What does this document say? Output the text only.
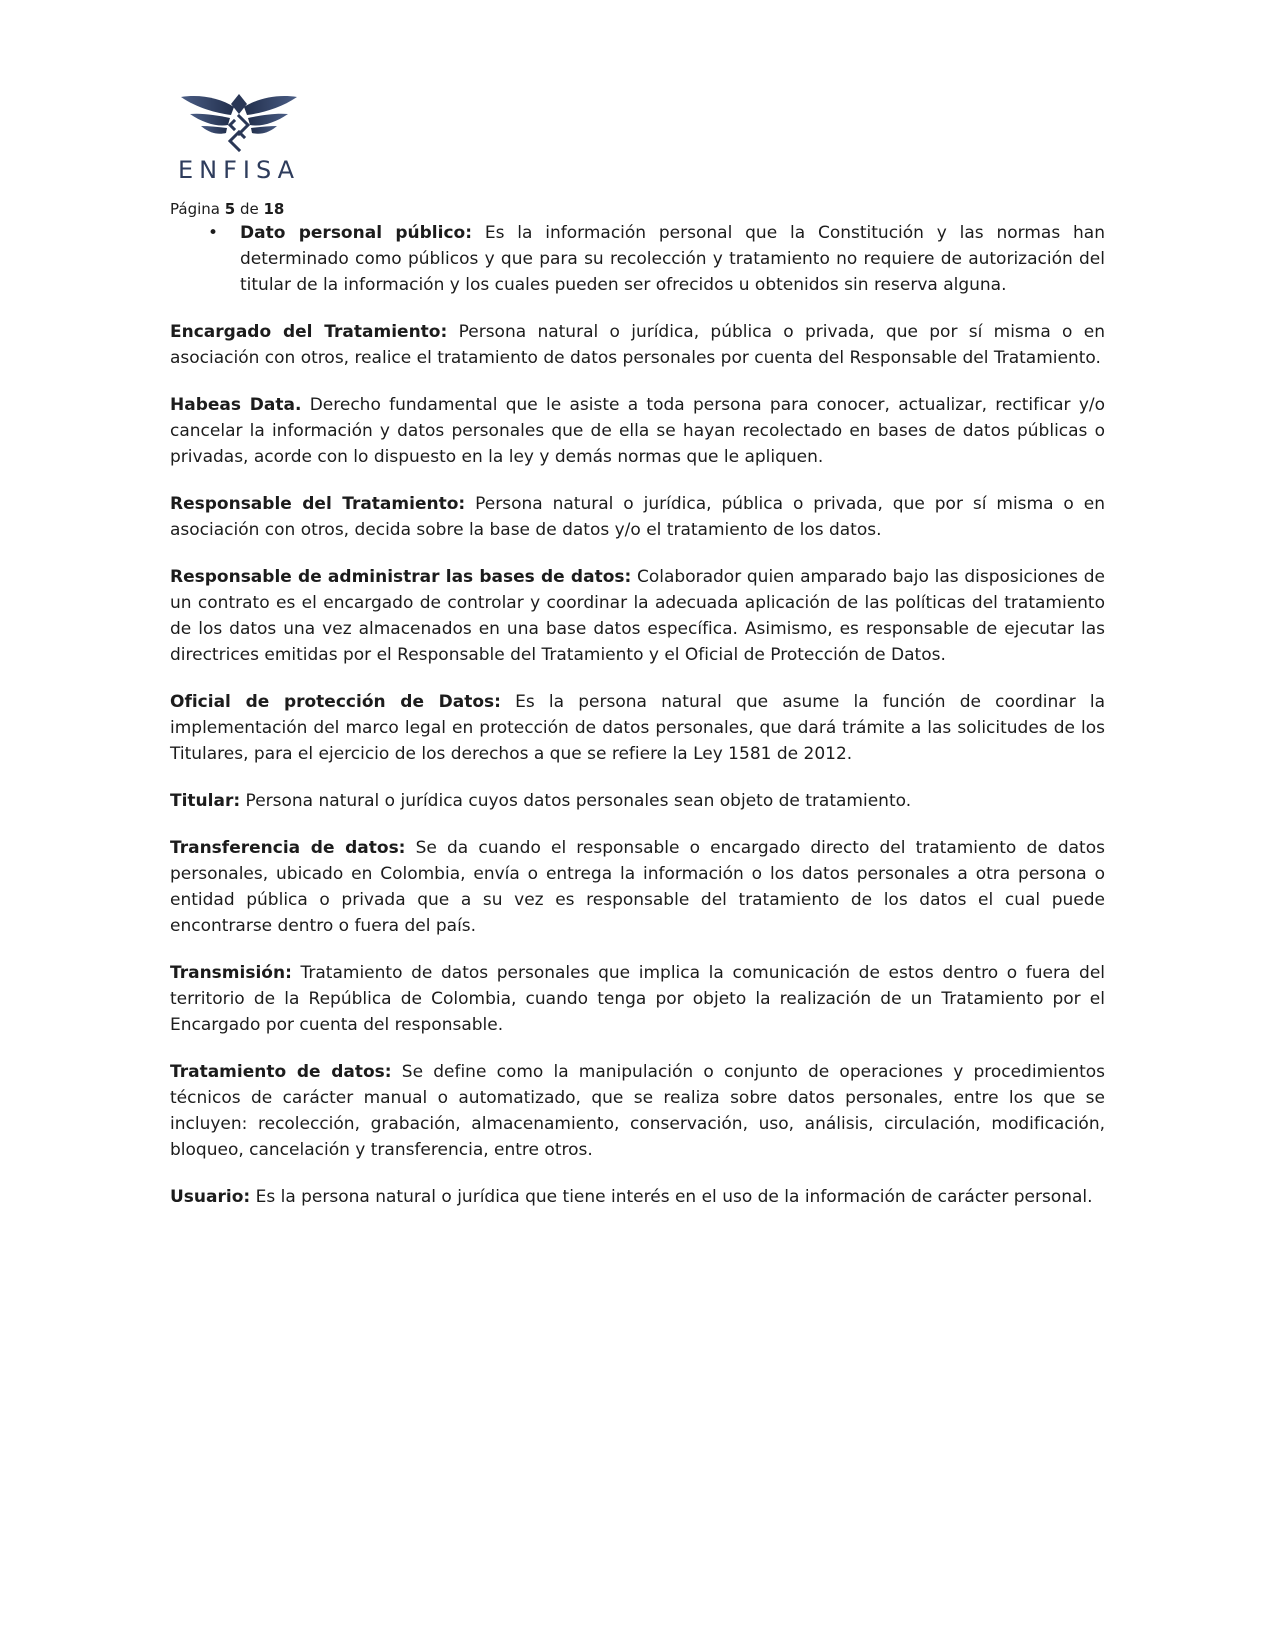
ENFISA
Página 5 de 18
• Dato personal público: Es la información personal que la Constitución y las normas han determinado como públicos y que para su recolección y tratamiento no requiere de autorización del titular de la información y los cuales pueden ser ofrecidos u obtenidos sin reserva alguna.

Encargado del Tratamiento: Persona natural o jurídica, pública o privada, que por sí misma o en asociación con otros, realice el tratamiento de datos personales por cuenta del Responsable del Tratamiento.

Habeas Data. Derecho fundamental que le asiste a toda persona para conocer, actualizar, rectificar y/o cancelar la información y datos personales que de ella se hayan recolectado en bases de datos públicas o privadas, acorde con lo dispuesto en la ley y demás normas que le apliquen.

Responsable del Tratamiento: Persona natural o jurídica, pública o privada, que por sí misma o en asociación con otros, decida sobre la base de datos y/o el tratamiento de los datos.

Responsable de administrar las bases de datos: Colaborador quien amparado bajo las disposiciones de un contrato es el encargado de controlar y coordinar la adecuada aplicación de las políticas del tratamiento de los datos una vez almacenados en una base datos específica. Asimismo, es responsable de ejecutar las directrices emitidas por el Responsable del Tratamiento y el Oficial de Protección de Datos.

Oficial de protección de Datos: Es la persona natural que asume la función de coordinar la implementación del marco legal en protección de datos personales, que dará trámite a las solicitudes de los Titulares, para el ejercicio de los derechos a que se refiere la Ley 1581 de 2012.

Titular: Persona natural o jurídica cuyos datos personales sean objeto de tratamiento.

Transferencia de datos: Se da cuando el responsable o encargado directo del tratamiento de datos personales, ubicado en Colombia, envía o entrega la información o los datos personales a otra persona o entidad pública o privada que a su vez es responsable del tratamiento de los datos el cual puede encontrarse dentro o fuera del país.

Transmisión: Tratamiento de datos personales que implica la comunicación de estos dentro o fuera del territorio de la República de Colombia, cuando tenga por objeto la realización de un Tratamiento por el Encargado por cuenta del responsable.

Tratamiento de datos: Se define como la manipulación o conjunto de operaciones y procedimientos técnicos de carácter manual o automatizado, que se realiza sobre datos personales, entre los que se incluyen: recolección, grabación, almacenamiento, conservación, uso, análisis, circulación, modificación, bloqueo, cancelación y transferencia, entre otros.

Usuario: Es la persona natural o jurídica que tiene interés en el uso de la información de carácter personal.
